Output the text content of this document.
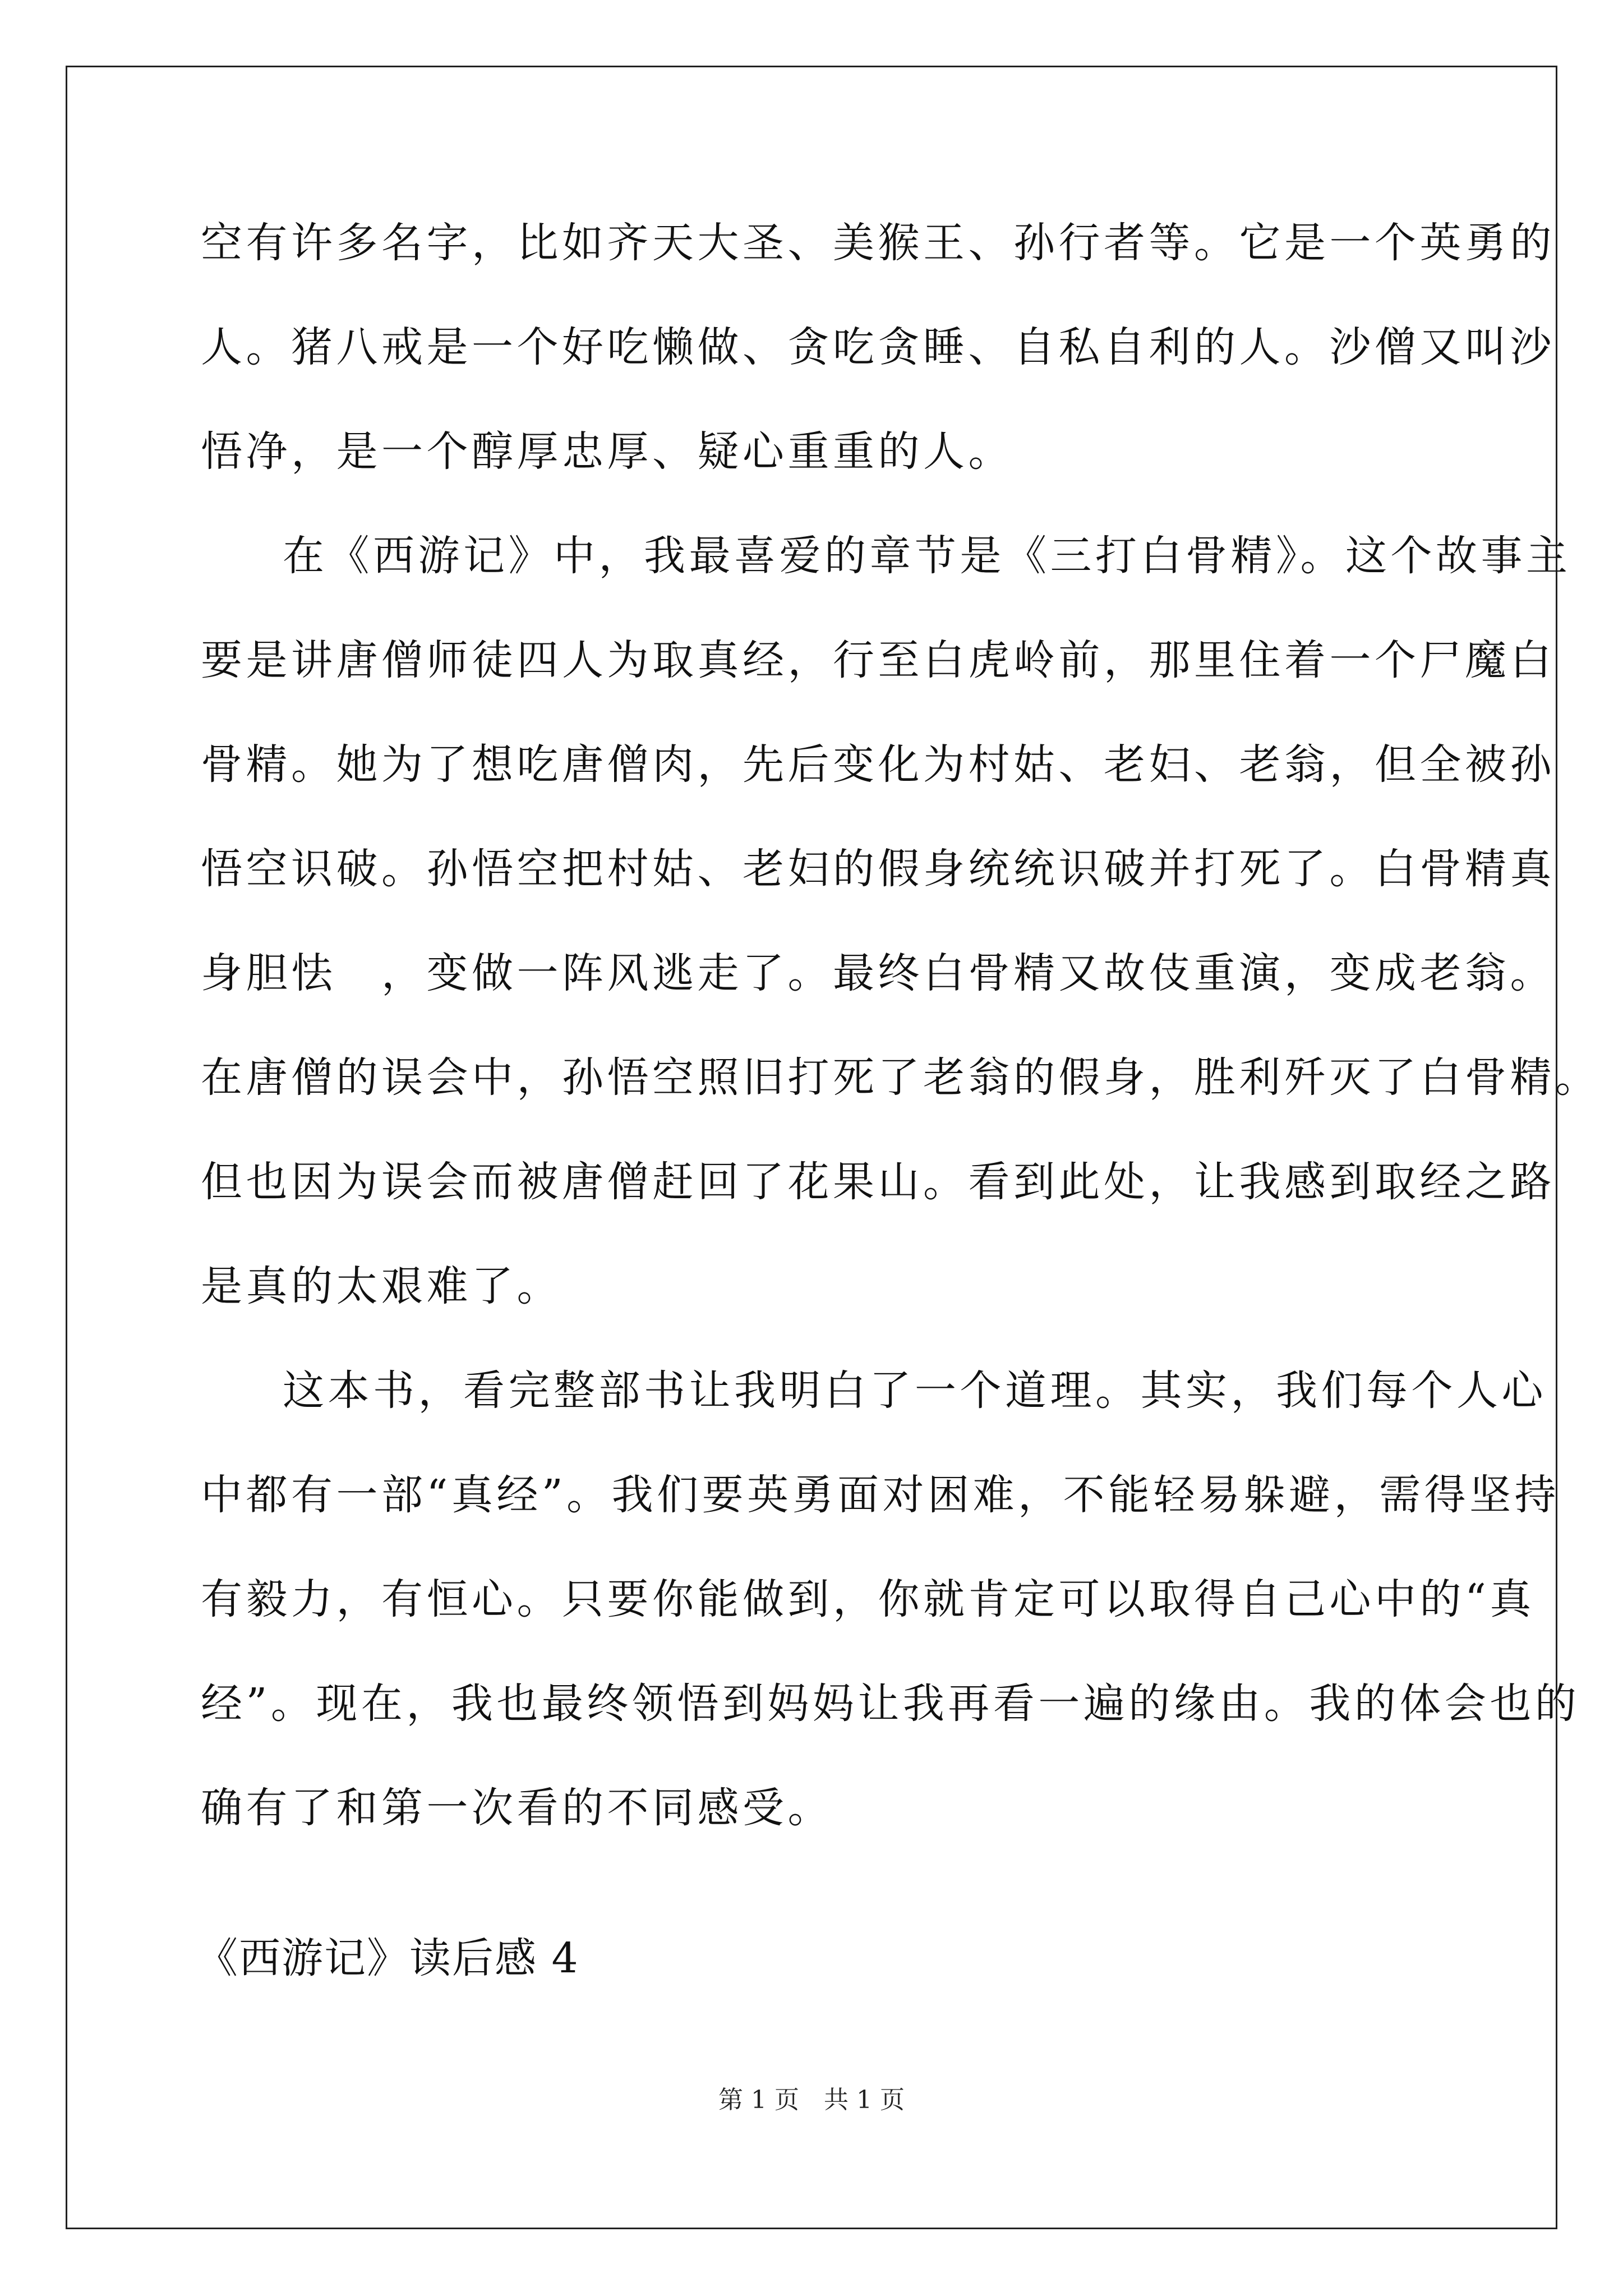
空有许多名字，比如齐天大圣、美猴王、孙行者等。它是一个英勇的
人。猪八戒是一个好吃懒做、贪吃贪睡、自私自利的人。沙僧又叫沙
悟净，是一个醇厚忠厚、疑心重重的人。
在《西游记》中，我最喜爱的章节是《三打白骨精》。这个故事主
要是讲唐僧师徒四人为取真经，行至白虎岭前，那里住着一个尸魔白
骨精。她为了想吃唐僧肉，先后变化为村姑、老妇、老翁，但全被孙
悟空识破。孙悟空把村姑、老妇的假身统统识破并打死了。白骨精真
身胆怯　，变做一阵风逃走了。最终白骨精又故伎重演，变成老翁。
在唐僧的误会中，孙悟空照旧打死了老翁的假身，胜利歼灭了白骨精。
但也因为误会而被唐僧赶回了花果山。看到此处，让我感到取经之路
是真的太艰难了。
这本书，看完整部书让我明白了一个道理。其实，我们每个人心
中都有一部“真经”。我们要英勇面对困难，不能轻易躲避，需得坚持
有毅力，有恒心。只要你能做到，你就肯定可以取得自己心中的“真
经”。现在，我也最终领悟到妈妈让我再看一遍的缘由。我的体会也的
确有了和第一次看的不同感受。
《西游记》读后感 4
第 1 页　共 1 页
